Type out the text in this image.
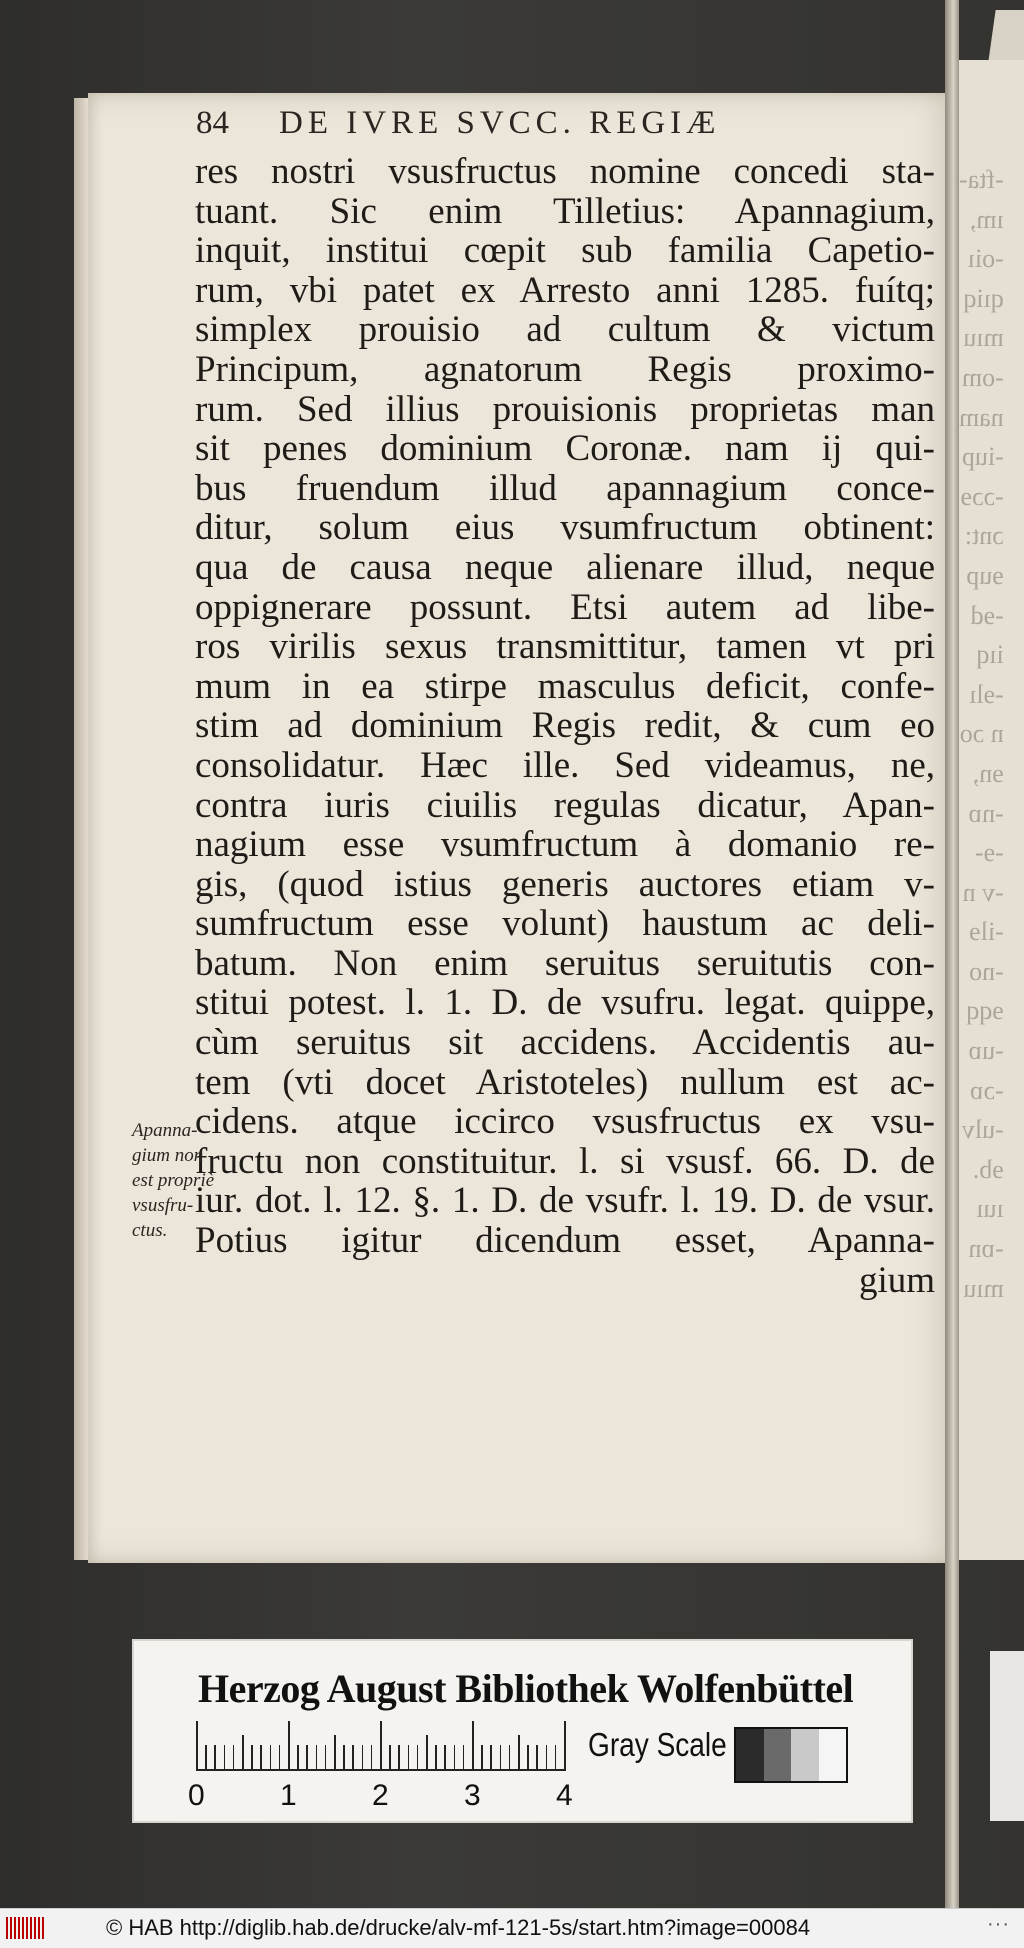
-fta-
ım,
-oiı
qıiq
mıu
-om
nam
-iup
-ɔɔɘ
ɔnt:
ɘup
-ɘd
iıq
-ɘlı
n ɔo
ɘn,
-nɒ
-ɘ-
-v n
-ilɘ
-no
ɘqq
-uɒ
-ɔɒ
-ulv
ɘb.
ıuı
-ɒn
mıu
84 DE IVRE SVCC. REGIÆ
res nostri vsusfructus nomine concedi sta-
tuant. Sic enim Tilletius: Apannagium,
inquit, institui cœpit sub familia Capetio-
rum, vbi patet ex Arresto anni 1285. fuítq;
simplex prouisio ad cultum & victum
Principum, agnatorum Regis proximo-
rum. Sed illius prouisionis proprietas man
sit penes dominium Coronæ. nam ij qui-
bus fruendum illud apannagium conce-
ditur, solum eius vsumfructum obtinent:
qua de causa neque alienare illud, neque
oppignerare possunt. Etsi autem ad libe-
ros virilis sexus transmittitur, tamen vt pri
mum in ea stirpe masculus deficit, confe-
stim ad dominium Regis redit, & cum eo
consolidatur. Hæc ille. Sed videamus, ne,
contra iuris ciuilis regulas dicatur, Apan-
nagium esse vsumfructum à domanio re-
gis, (quod istius generis auctores etiam v-
sumfructum esse volunt) haustum ac deli-
batum. Non enim seruitus seruitutis con-
stitui potest. l. 1. D. de vsufru. legat. quippe,
cùm seruitus sit accidens. Accidentis au-
tem (vti docet Aristoteles) nullum est ac-
cidens. atque iccirco vsusfructus ex vsu-
fructu non constituitur. l. si vsusf. 66. D. de
iur. dot. l. 12. §. 1. D. de vsufr. l. 19. D. de vsur.
Potius igitur dicendum esset, Apanna-
gium
Apanna-
gium non
est propriè
vsusfru-
ctus.
Herzog August Bibliothek Wolfenbüttel
0	1	2	3	4
Gray Scale
© HAB http://diglib.hab.de/drucke/alv-mf-121-5s/start.htm?image=00084	···
